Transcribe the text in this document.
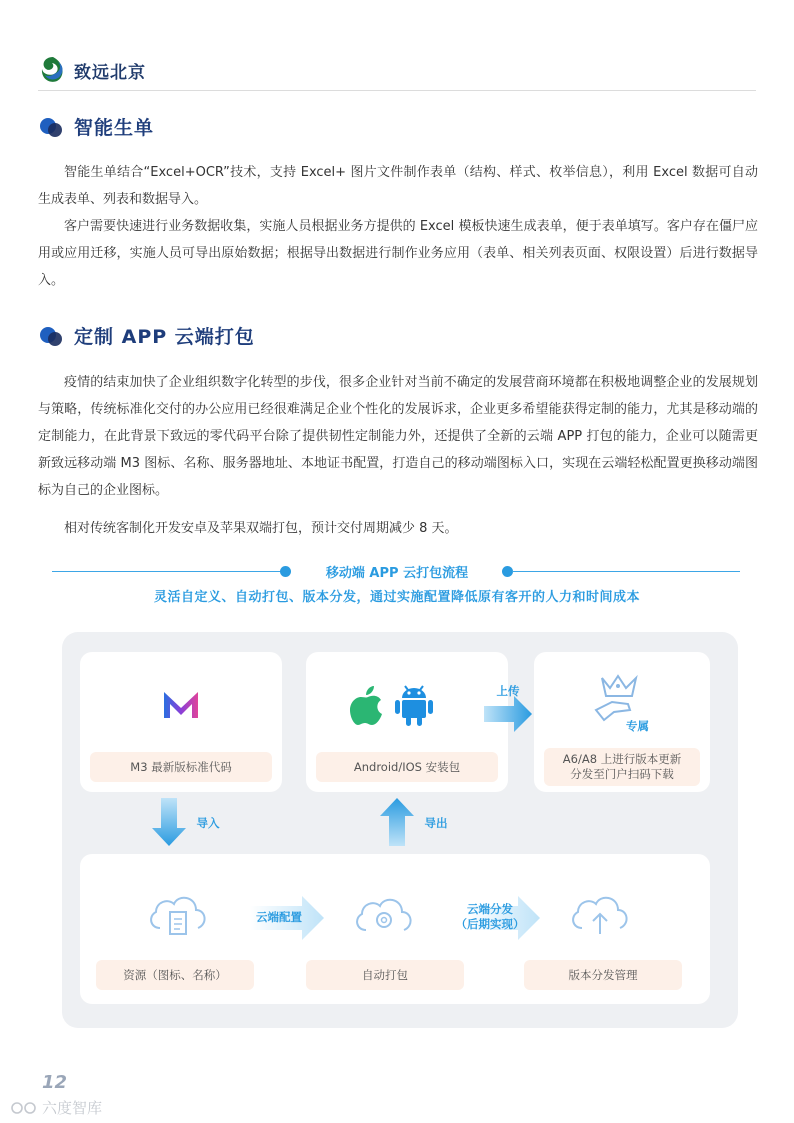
致远北京
智能生单

智能生单结合“Excel+OCR”技术，支持 Excel+ 图片文件制作表单（结构、样式、枚举信息），利用 Excel 数据可自动生成表单、列表和数据导入。

客户需要快速进行业务数据收集，实施人员根据业务方提供的 Excel 模板快速生成表单，便于表单填写。客户存在僵尸应用或应用迁移，实施人员可导出原始数据；根据导出数据进行制作业务应用（表单、相关列表页面、权限设置）后进行数据导入。

定制 APP 云端打包

疫情的结束加快了企业组织数字化转型的步伐，很多企业针对当前不确定的发展营商环境都在积极地调整企业的发展规划与策略，传统标准化交付的办公应用已经很难满足企业个性化的发展诉求，企业更多希望能获得定制的能力，尤其是移动端的定制能力，在此背景下致远的零代码平台除了提供韧性定制能力外，还提供了全新的云端 APP 打包的能力，企业可以随需更新致远移动端 M3 图标、名称、服务器地址、本地证书配置，打造自己的移动端图标入口，实现在云端轻松配置更换移动端图标为自己的企业图标。

相对传统客制化开发安卓及苹果双端打包，预计交付周期减少 8 天。

移动端 APP 云打包流程
灵活自定义、自动打包、版本分发，通过实施配置降低原有客开的人力和时间成本
M3 最新版标准代码	Android/IOS 安装包
专属
A6/A8 上进行版本更新
分发至门户扫码下载
上传
导入	导出
资源（图标、名称）
云端配置
自动打包
云端分发
（后期实现）
版本分发管理
12
六度智库
